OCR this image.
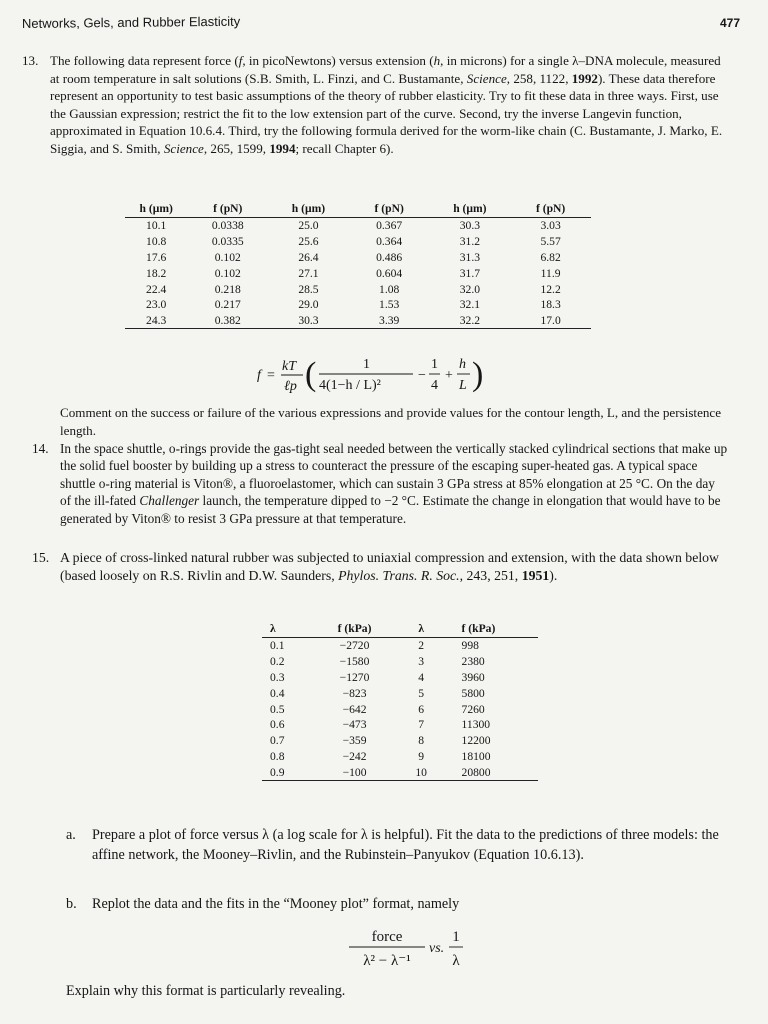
Networks, Gels, and Rubber Elasticity	477
13. The following data represent force (f, in picoNewtons) versus extension (h, in microns) for a single λ–DNA molecule, measured at room temperature in salt solutions (S.B. Smith, L. Finzi, and C. Bustamante, Science, 258, 1122, 1992). These data therefore represent an opportunity to test basic assumptions of the theory of rubber elasticity. Try to fit these data in three ways. First, use the Gaussian expression; restrict the fit to the low extension part of the curve. Second, try the inverse Langevin function, approximated in Equation 10.6.4. Third, try the following formula derived for the worm-like chain (C. Bustamante, J. Marko, E. Siggia, and S. Smith, Science, 265, 1599, 1994; recall Chapter 6).
h (μm)	f (pN)	h (μm)	f (pN)	h (μm)	f (pN)
10.1	0.0338	25.0	0.367	30.3	3.03
10.8	0.0335	25.6	0.364	31.2	5.57
17.6	0.102	26.4	0.486	31.3	6.82
18.2	0.102	27.1	0.604	31.7	11.9
22.4	0.218	28.5	1.08	32.0	12.2
23.0	0.217	29.0	1.53	32.1	18.3
24.3	0.382	30.3	3.39	32.2	17.0
f =
kT
ℓp (	1
4(1−h / L)²
−
1
4
+
h
L )
Comment on the success or failure of the various expressions and provide values for the contour length, L, and the persistence length.
14. In the space shuttle, o-rings provide the gas-tight seal needed between the vertically stacked cylindrical sections that make up the solid fuel booster by building up a stress to counteract the pressure of the escaping super-heated gas. A typical space shuttle o-ring material is Viton®, a fluoroelastomer, which can sustain 3 GPa stress at 85% elongation at 25 °C. On the day of the ill-fated Challenger launch, the temperature dipped to −2 °C. Estimate the change in elongation that would have to be generated by Viton® to resist 3 GPa pressure at that temperature.
15. A piece of cross-linked natural rubber was subjected to uniaxial compression and extension, with the data shown below (based loosely on R.S. Rivlin and D.W. Saunders, Phylos. Trans. R. Soc., 243, 251, 1951).
λ	f (kPa)	λ	f (kPa)
0.1	−2720	2	998
0.2	−1580	3	2380
0.3	−1270	4	3960
0.4	−823	5	5800
0.5	−642	6	7260
0.6	−473	7	11300
0.7	−359	8	12200
0.8	−242	9	18100
0.9	−100	10	20800
a. Prepare a plot of force versus λ (a log scale for λ is helpful). Fit the data to the predictions of three models: the affine network, the Mooney–Rivlin, and the Rubinstein–Panyukov (Equation 10.6.13).
b. Replot the data and the fits in the “Mooney plot” format, namely
force
λ² − λ⁻¹
vs.
1
λ
Explain why this format is particularly revealing.
